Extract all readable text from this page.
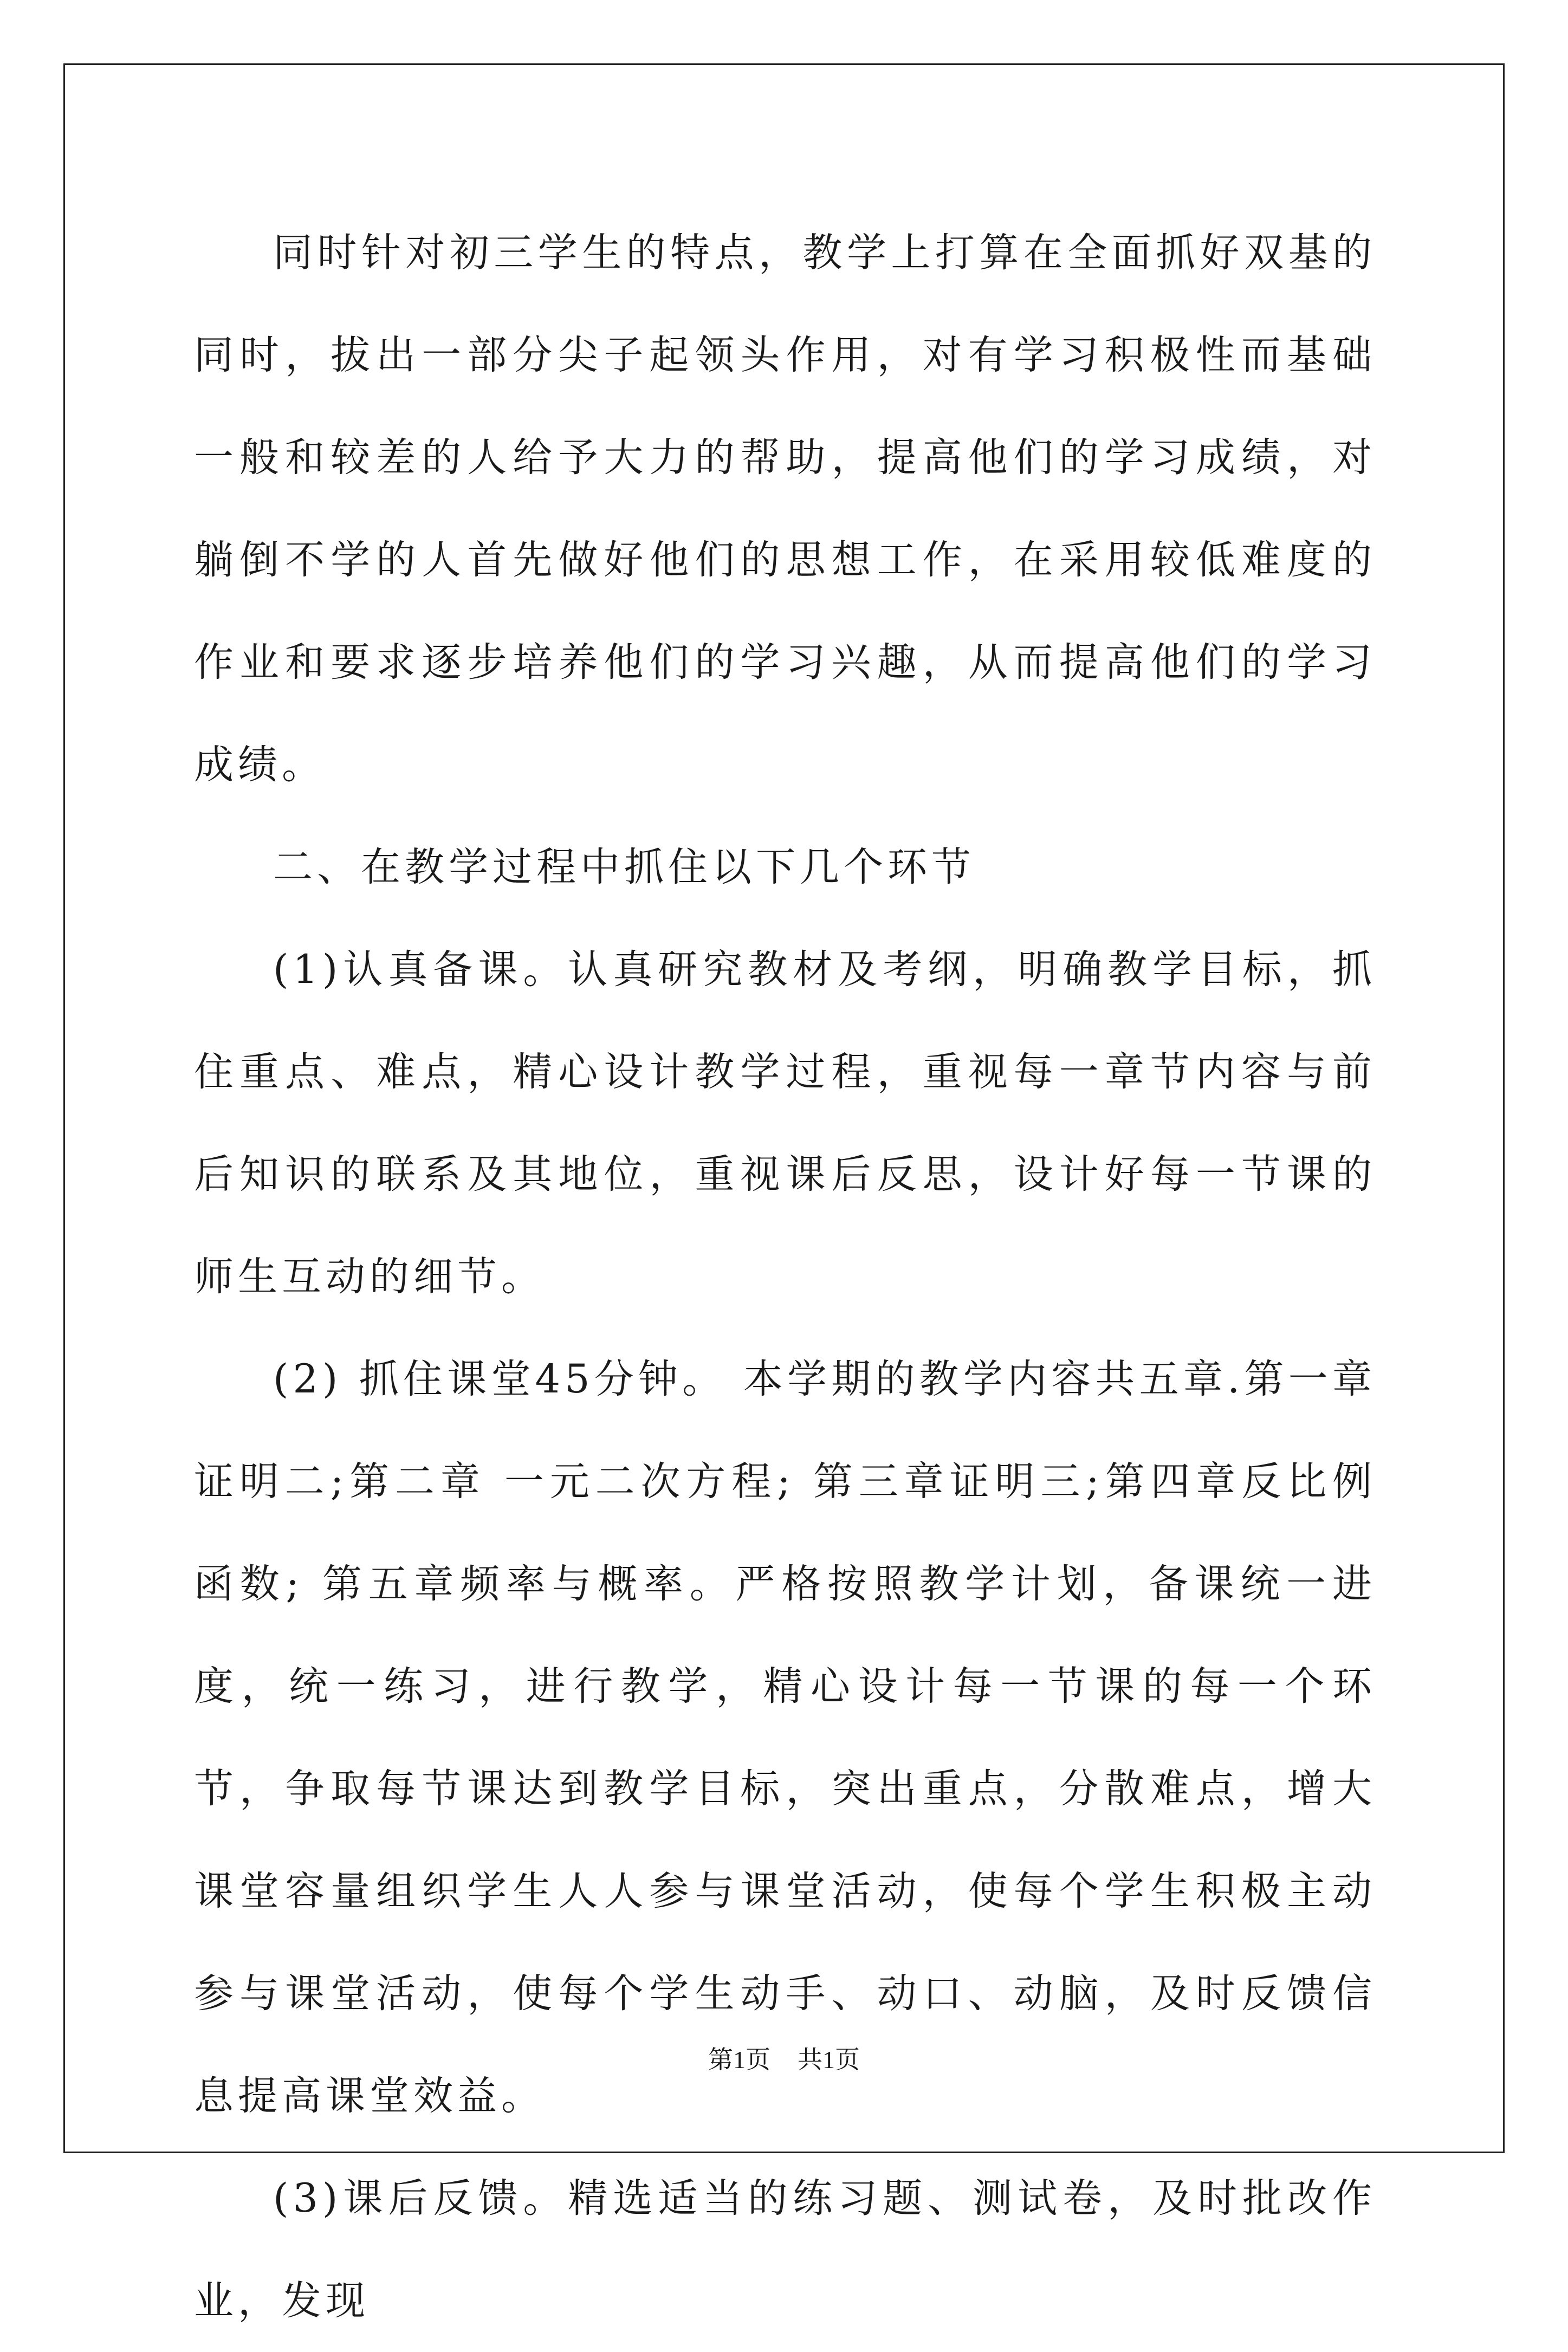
同时针对初三学生的特点，教学上打算在全面抓好双基的同时，拔出一部分尖子起领头作用，对有学习积极性而基础一般和较差的人给予大力的帮助，提高他们的学习成绩，对躺倒不学的人首先做好他们的思想工作，在采用较低难度的作业和要求逐步培养他们的学习兴趣，从而提高他们的学习成绩。

二、在教学过程中抓住以下几个环节

(1)认真备课。认真研究教材及考纲，明确教学目标，抓住重点、难点，精心设计教学过程，重视每一章节内容与前后知识的联系及其地位，重视课后反思，设计好每一节课的师生互动的细节。

(2) 抓住课堂45分钟。 本学期的教学内容共五章.第一章 证明二;第二章 一元二次方程; 第三章证明三;第四章反比例函数; 第五章频率与概率。严格按照教学计划，备课统一进度，统一练习，进行教学，精心设计每一节课的每一个环节，争取每节课达到教学目标，突出重点，分散难点，增大课堂容量组织学生人人参与课堂活动，使每个学生积极主动参与课堂活动，使每个学生动手、动口、动脑，及时反馈信息提高课堂效益。

(3)课后反馈。精选适当的练习题、测试卷，及时批改作业，发现

第1页 共1页
